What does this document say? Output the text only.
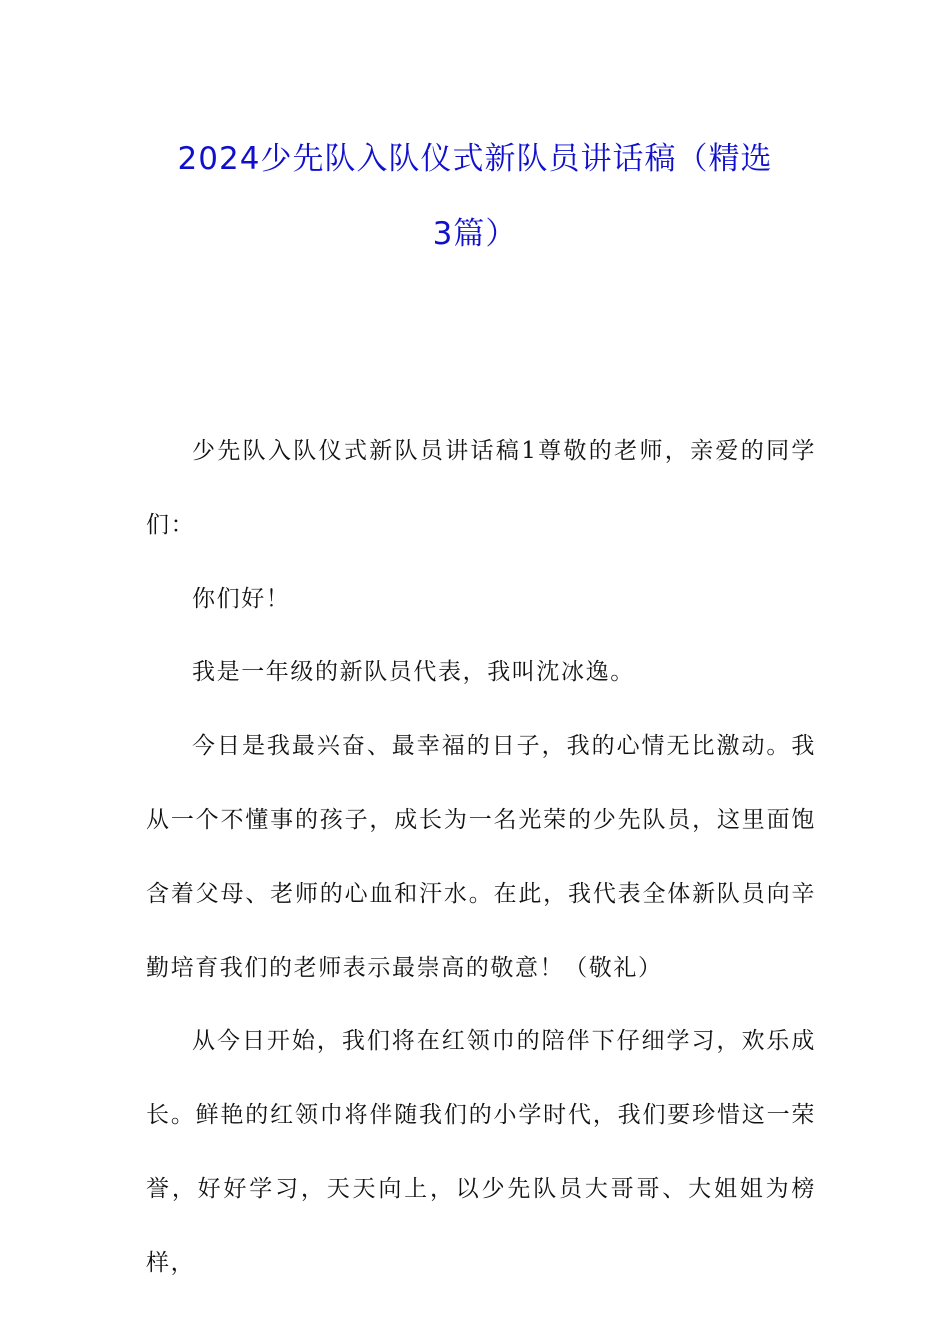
2024少先队入队仪式新队员讲话稿（精选
3篇）

少先队入队仪式新队员讲话稿1尊敬的老师，亲爱的同学们：

你们好！

我是一年级的新队员代表，我叫沈冰逸。

今日是我最兴奋、最幸福的日子，我的心情无比激动。我从一个不懂事的孩子，成长为一名光荣的少先队员，这里面饱含着父母、老师的心血和汗水。在此，我代表全体新队员向辛勤培育我们的老师表示最崇高的敬意！（敬礼）

从今日开始，我们将在红领巾的陪伴下仔细学习，欢乐成长。鲜艳的红领巾将伴随我们的小学时代，我们要珍惜这一荣誉，好好学习，天天向上，以少先队员大哥哥、大姐姐为榜样，
